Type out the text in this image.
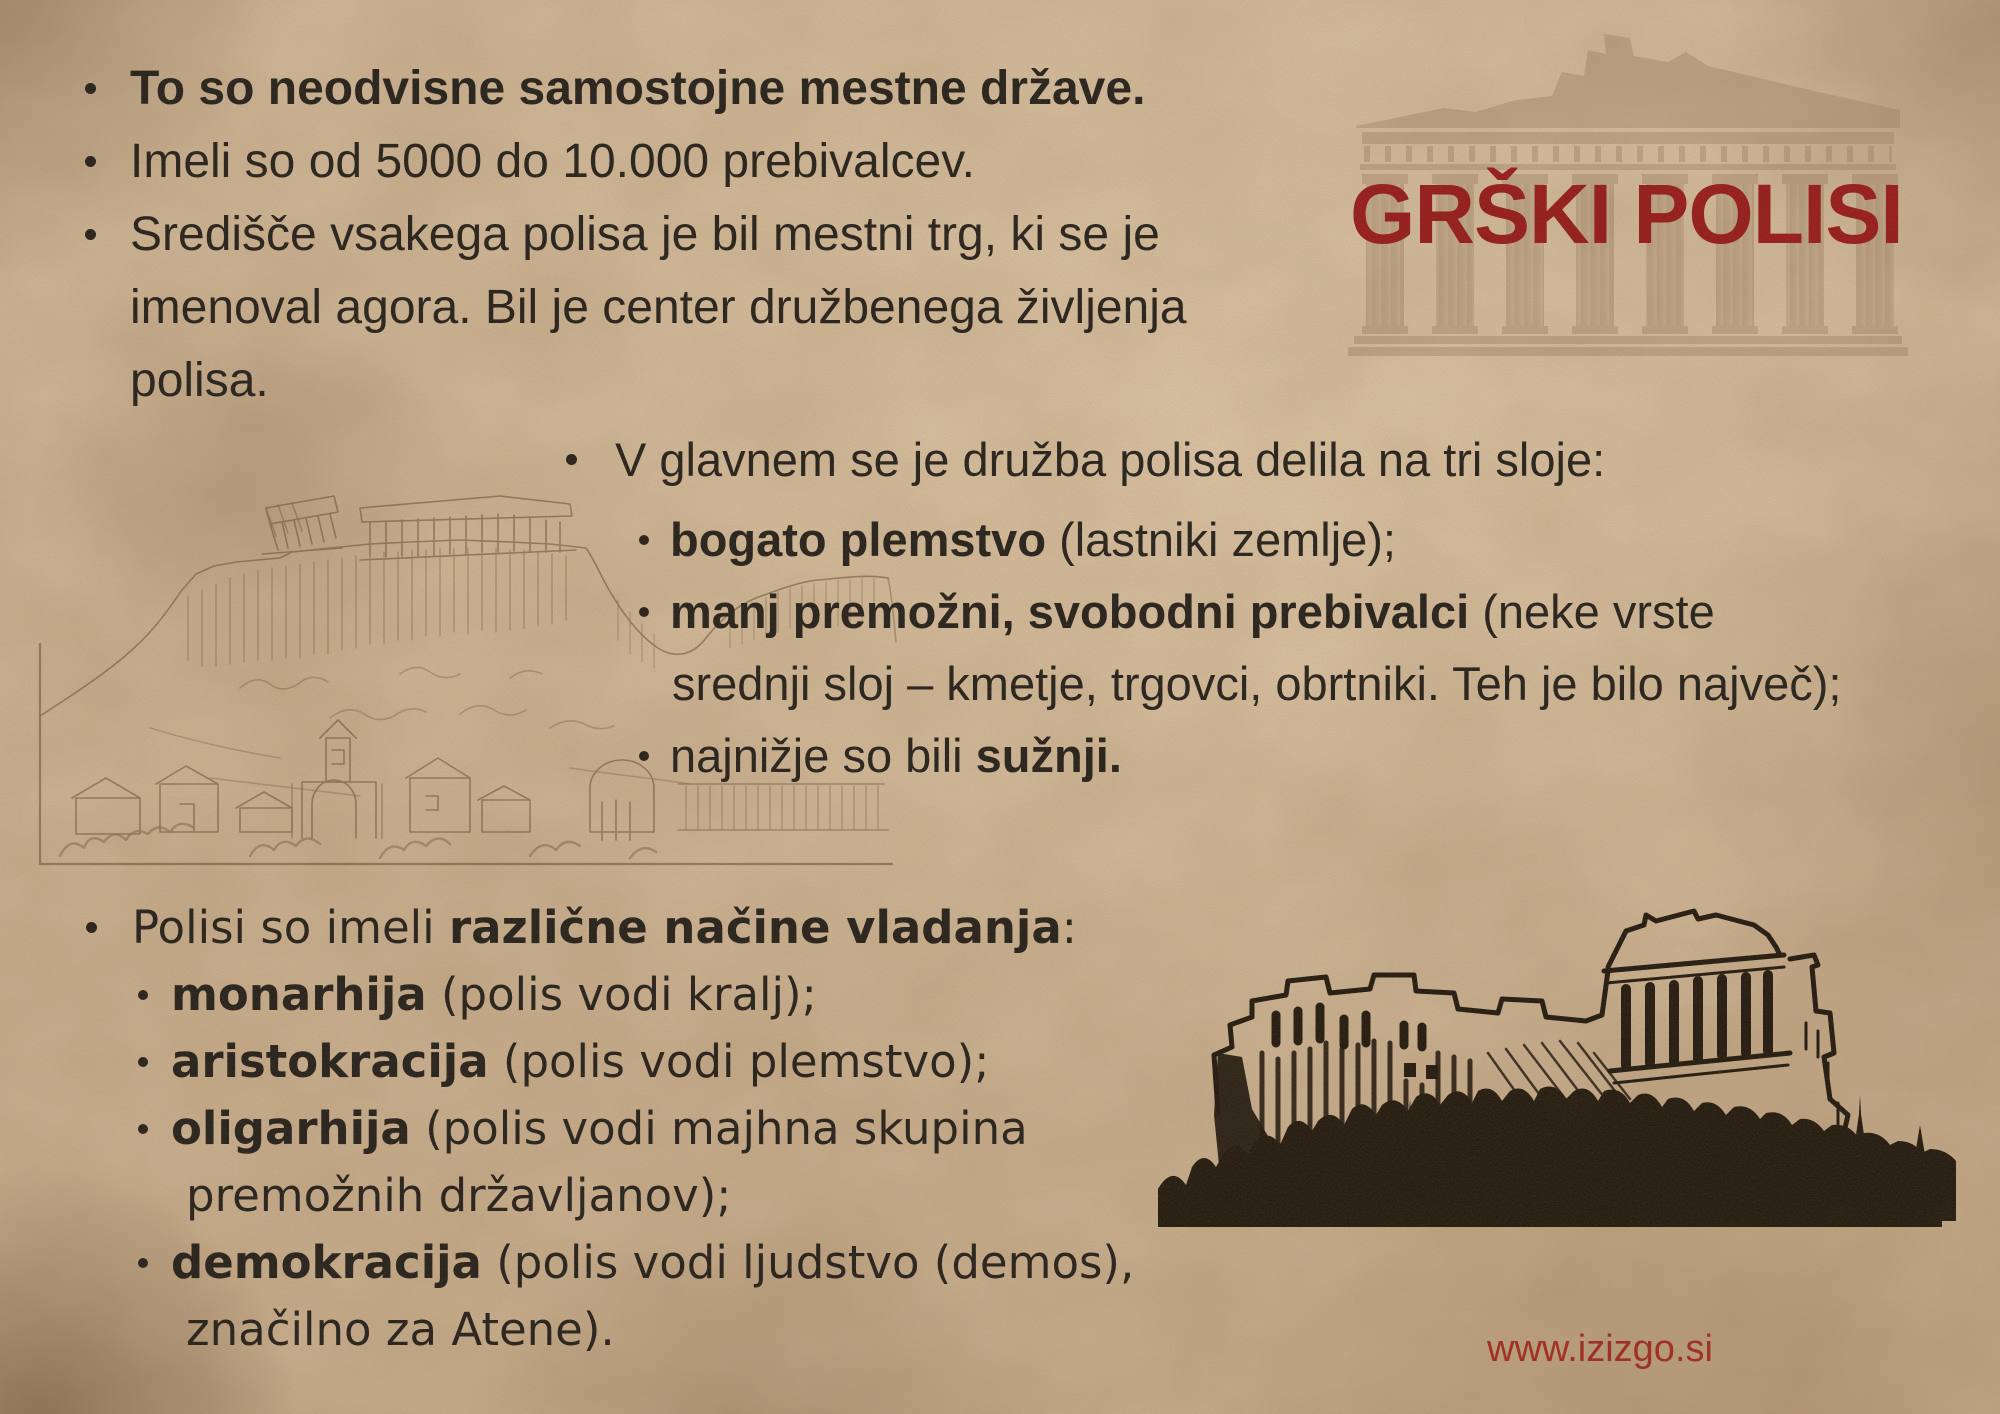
GRŠKI POLISI
www.izizgo.si
To so neodvisne samostojne mestne države.
Imeli so od 5000 do 10.000 prebivalcev.
Središče vsakega polisa je bil mestni trg, ki se je
imenoval agora. Bil je center družbenega življenja
polisa.
V glavnem se je družba polisa delila na tri sloje:
bogato plemstvo (lastniki zemlje);
manj premožni, svobodni prebivalci (neke vrste
srednji sloj – kmetje, trgovci, obrtniki. Teh je bilo največ);
najnižje so bili sužnji.
Polisi so imeli različne načine vladanja:
monarhija (polis vodi kralj);
aristokracija (polis vodi plemstvo);
oligarhija (polis vodi majhna skupina
premožnih državljanov);
demokracija (polis vodi ljudstvo (demos),
značilno za Atene).
